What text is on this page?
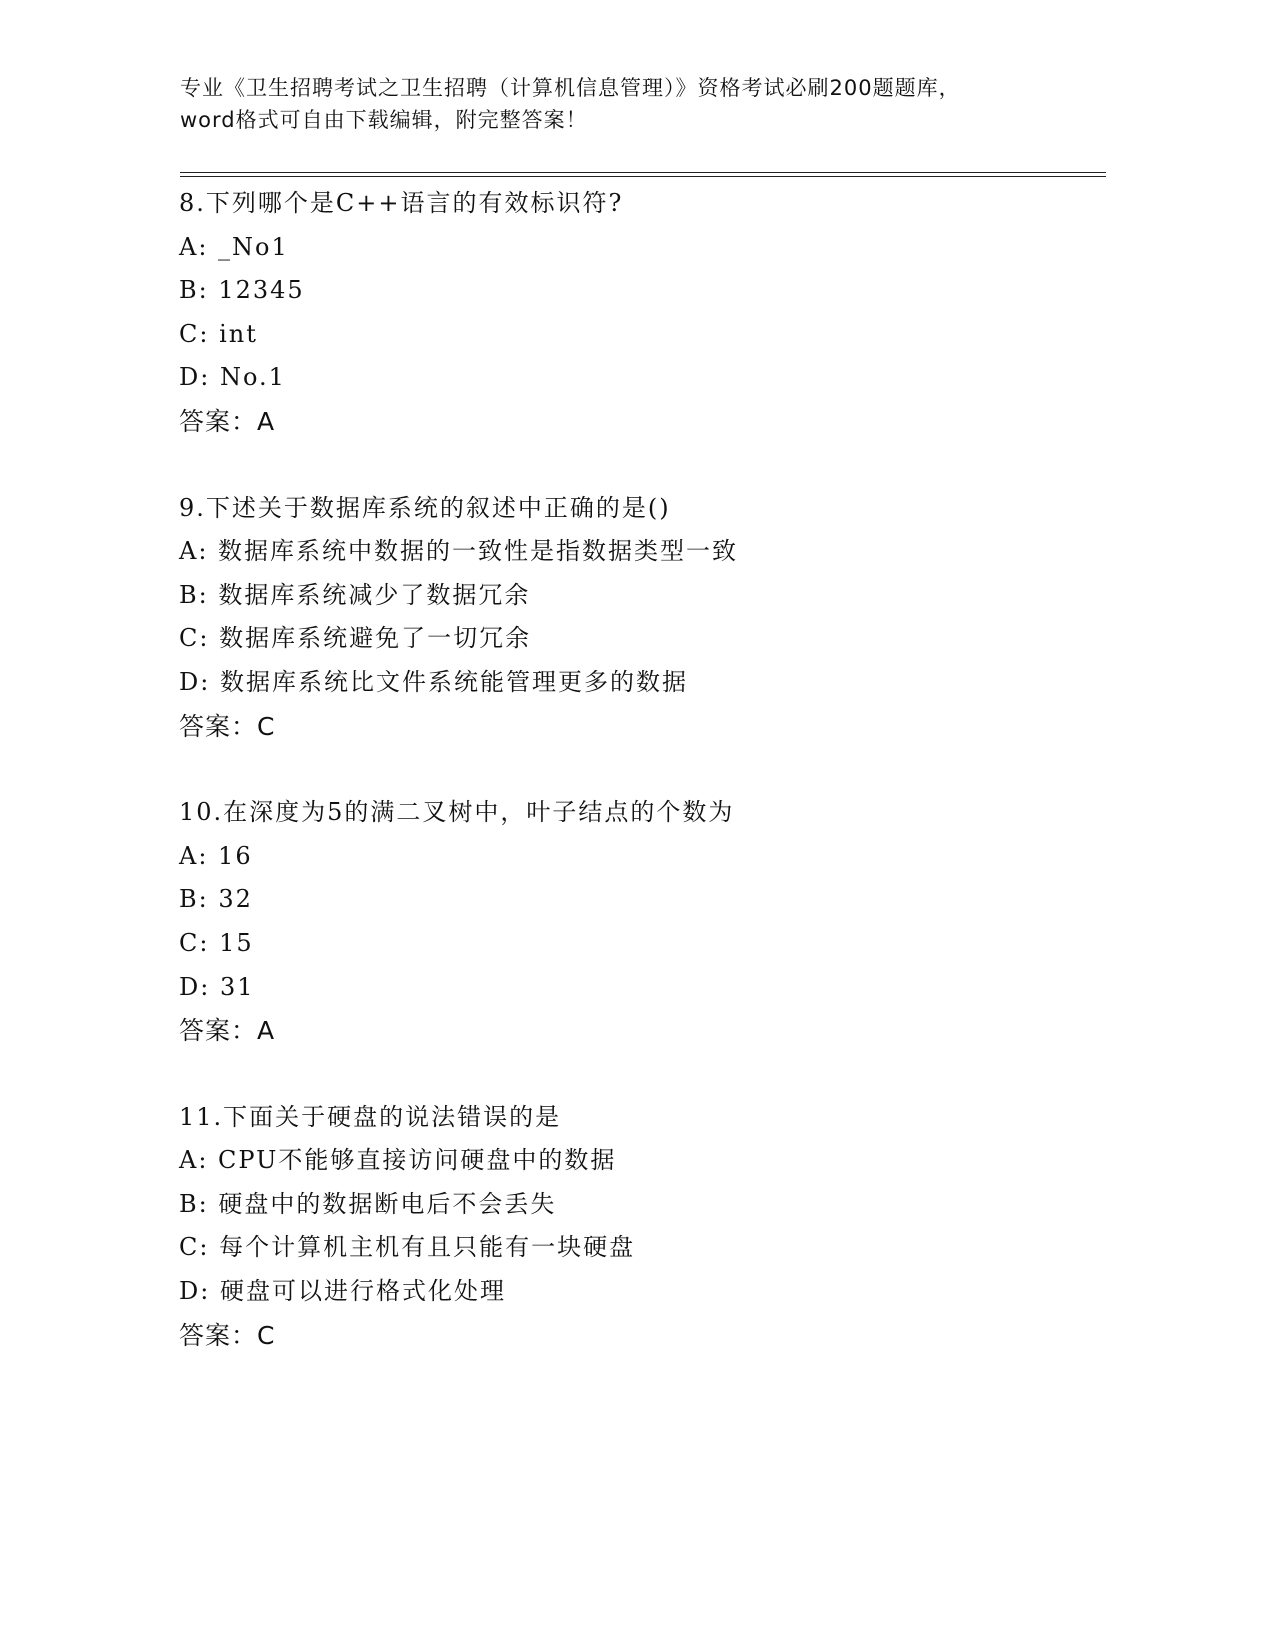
专业《卫生招聘考试之卫生招聘（计算机信息管理）》资格考试必刷200题题库，
word格式可自由下载编辑，附完整答案！
8.下列哪个是C++语言的有效标识符?
A: _No1
B: 12345
C: int
D: No.1
答案：A
9.下述关于数据库系统的叙述中正确的是()
A: 数据库系统中数据的一致性是指数据类型一致
B: 数据库系统减少了数据冗余
C: 数据库系统避免了一切冗余
D: 数据库系统比文件系统能管理更多的数据
答案：C
10.在深度为5的满二叉树中，叶子结点的个数为
A: 16
B: 32
C: 15
D: 31
答案：A
11.下面关于硬盘的说法错误的是
A: CPU不能够直接访问硬盘中的数据
B: 硬盘中的数据断电后不会丢失
C: 每个计算机主机有且只能有一块硬盘
D: 硬盘可以进行格式化处理
答案：C
